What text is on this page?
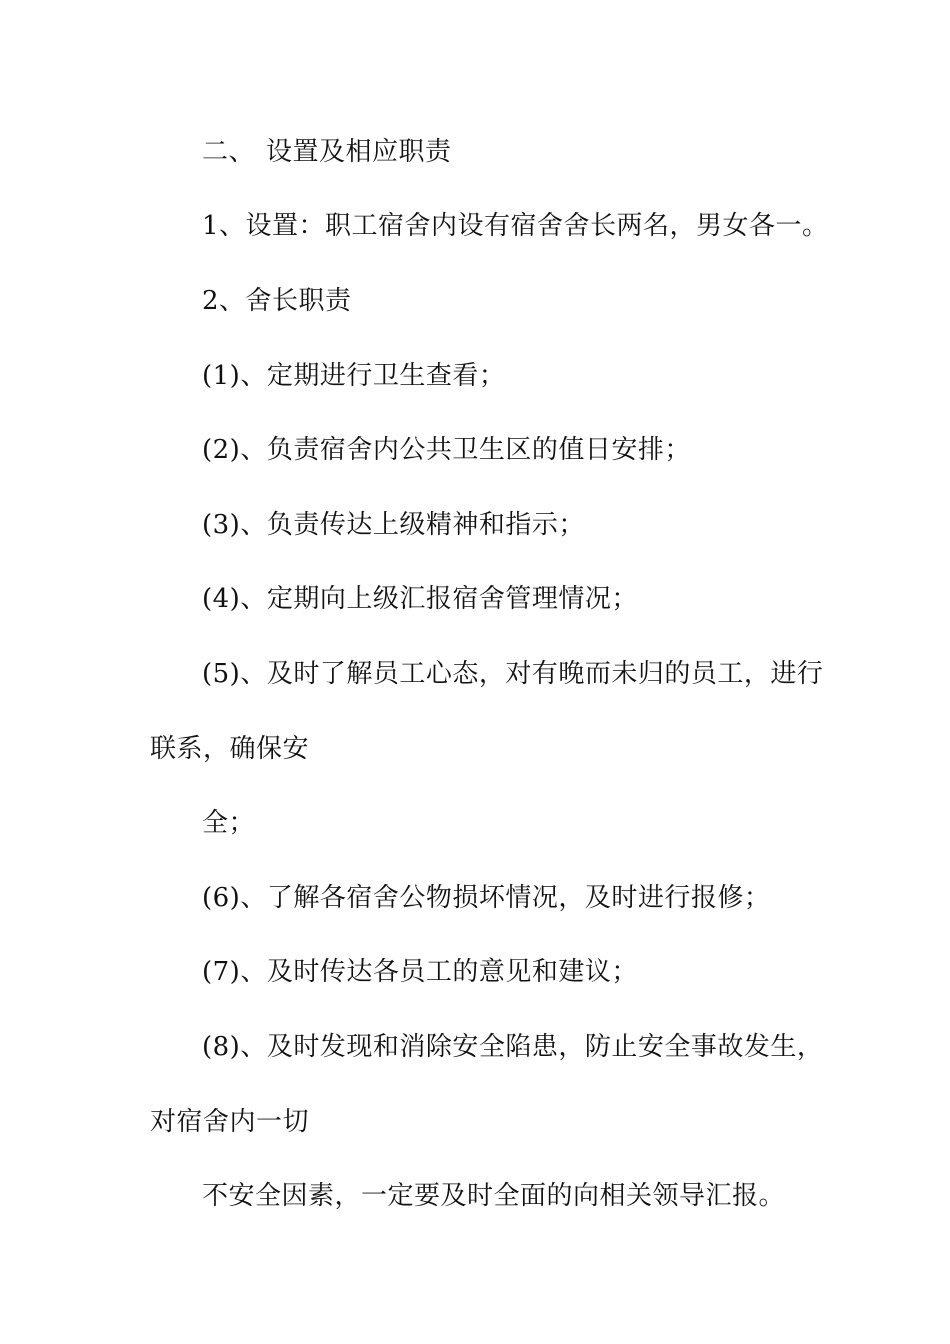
二、 设置及相应职责
1、设置：职工宿舍内设有宿舍舍长两名，男女各一。
2、舍长职责
(1)、定期进行卫生查看；
(2)、负责宿舍内公共卫生区的值日安排；
(3)、负责传达上级精神和指示；
(4)、定期向上级汇报宿舍管理情况；
(5)、及时了解员工心态，对有晚而未归的员工，进行
联系，确保安
全；
(6)、了解各宿舍公物损坏情况，及时进行报修；
(7)、及时传达各员工的意见和建议；
(8)、及时发现和消除安全陷患，防止安全事故发生，
对宿舍内一切
不安全因素，一定要及时全面的向相关领导汇报。
